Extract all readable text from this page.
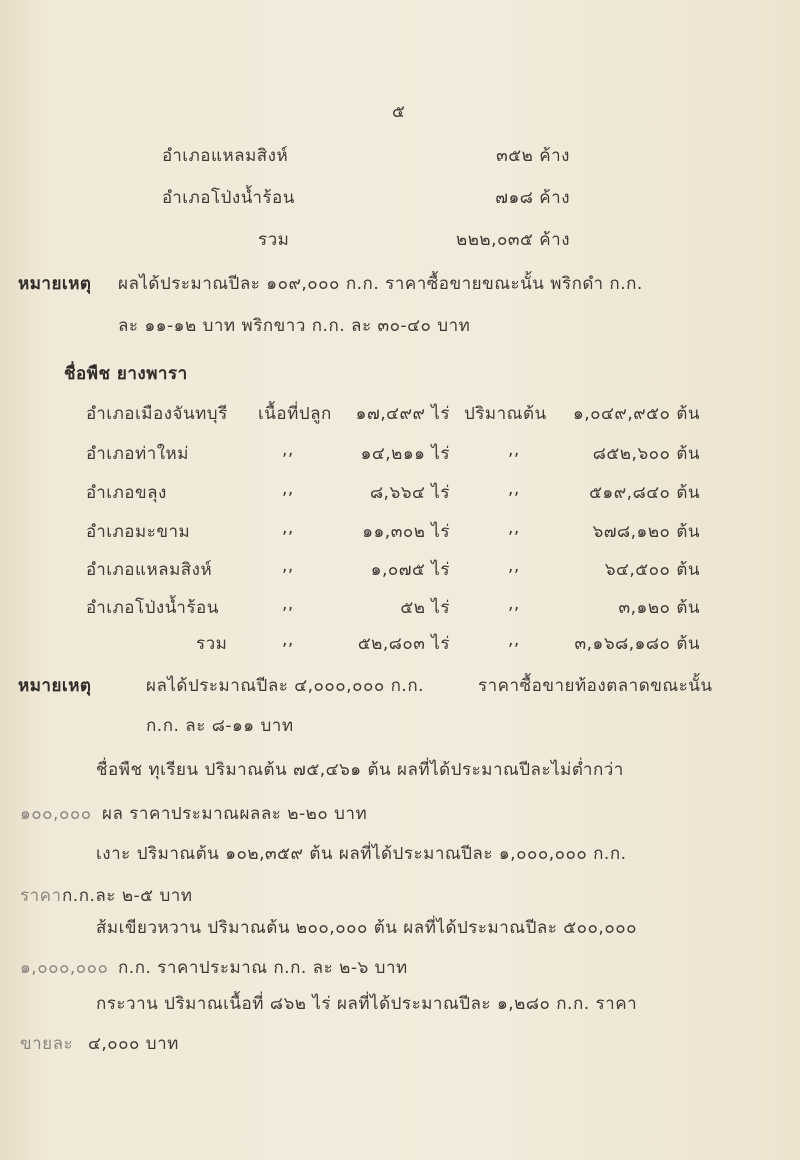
๕
อำเภอแหลมสิงห์	๓๕๒ ค้าง
อำเภอโป่งน้ำร้อน	๗๑๘ ค้าง
รวม	๒๒๒,๐๓๕ ค้าง
หมายเหตุ ผลได้ประมาณปีละ ๑๐๙,๐๐๐ ก.ก. ราคาซื้อขายขณะนั้น พริกดำ ก.ก.
ละ ๑๑-๑๒ บาท พริกขาว ก.ก. ละ ๓๐-๔๐ บาท
ชื่อพืช ยางพารา
อำเภอเมืองจันทบุรี เนื้อที่ปลูก	๑๗,๔๙๙ ไร่ ปริมาณต้น	๑,๐๔๙,๙๕๐ ต้น
อำเภอท่าใหม่	,,	๑๔,๒๑๑ ไร่	,,	๘๕๒,๖๐๐ ต้น
อำเภอขลุง	,,	๘,๖๖๔ ไร่	,,	๕๑๙,๘๔๐ ต้น
อำเภอมะขาม	,,	๑๑,๓๐๒ ไร่	,,	๖๗๘,๑๒๐ ต้น
อำเภอแหลมสิงห์	,,	๑,๐๗๕ ไร่	,,	๖๔,๕๐๐ ต้น
อำเภอโป่งน้ำร้อน	,,	๕๒ ไร่	,,	๓,๑๒๐ ต้น
รวม	,,	๕๒,๘๐๓ ไร่	,,	๓,๑๖๘,๑๘๐ ต้น
หมายเหตุ	ผลได้ประมาณปีละ ๔,๐๐๐,๐๐๐ ก.ก.	ราคาซื้อขายท้องตลาดขณะนั้น
ก.ก. ละ ๘-๑๑ บาท
ชื่อพืช ทุเรียน ปริมาณต้น ๗๕,๔๖๑ ต้น ผลที่ได้ประมาณปีละไม่ต่ำกว่า
๑๐๐,๐๐๐ ผล ราคาประมาณผลละ ๒-๒๐ บาท
เงาะ ปริมาณต้น ๑๐๒,๓๕๙ ต้น ผลที่ได้ประมาณปีละ ๑,๐๐๐,๐๐๐ ก.ก.
ราคา ก.ก.ละ ๒-๕ บาท
ส้มเขียวหวาน ปริมาณต้น ๒๐๐,๐๐๐ ต้น ผลที่ได้ประมาณปีละ ๕๐๐,๐๐๐
๑,๐๐๐,๐๐๐ ก.ก. ราคาประมาณ ก.ก. ละ ๒-๖ บาท
กระวาน ปริมาณเนื้อที่ ๘๖๒ ไร่ ผลที่ได้ประมาณปีละ ๑,๒๘๐ ก.ก. ราคา
ขายละ ๔,๐๐๐ บาท
